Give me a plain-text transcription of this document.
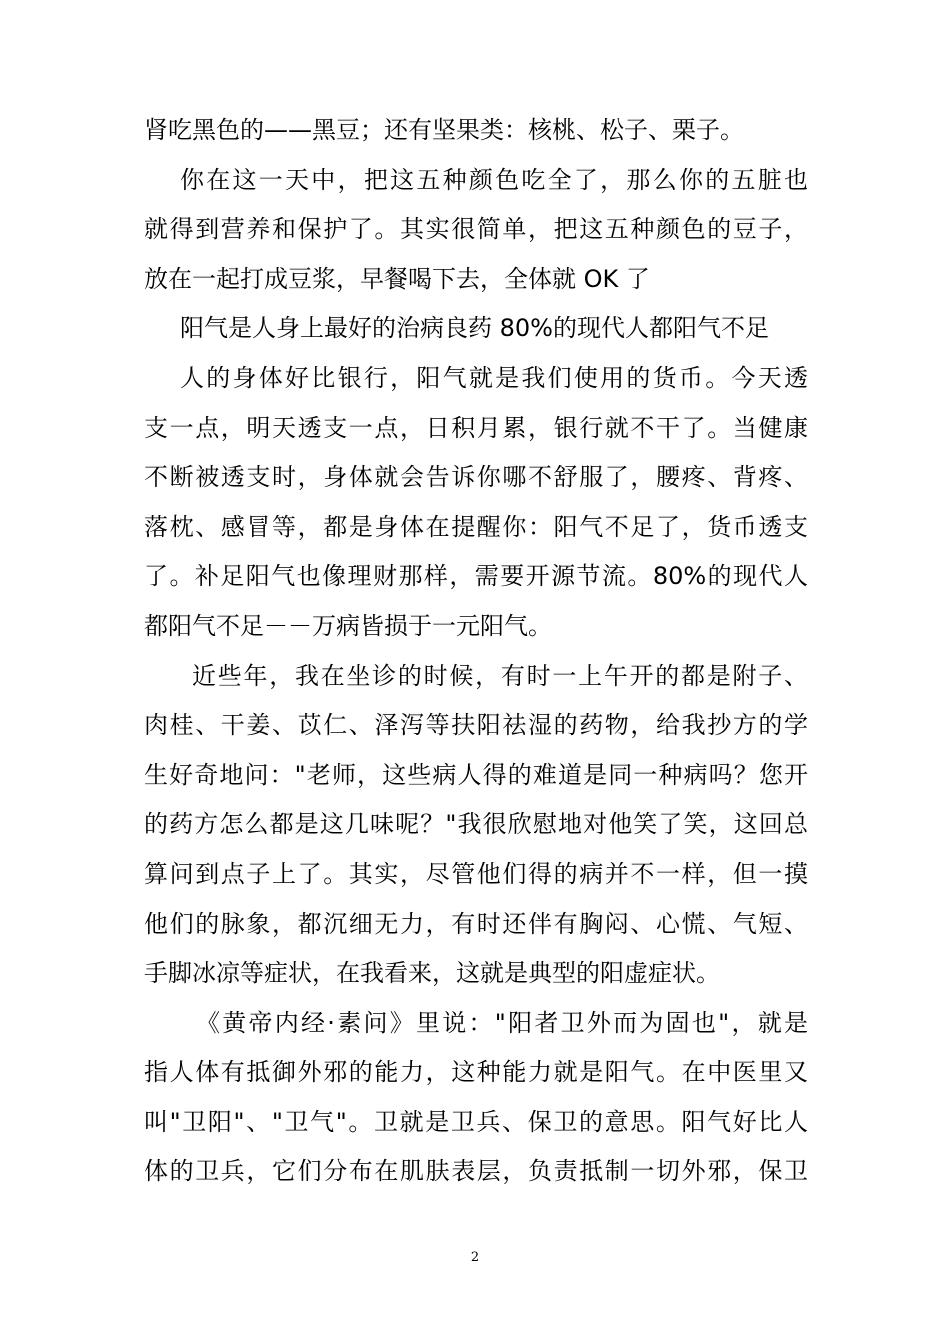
肾吃黑色的——黑豆；还有坚果类：核桃、松子、栗子。
你在这一天中，把这五种颜色吃全了，那么你的五脏也
就得到营养和保护了。其实很简单，把这五种颜色的豆子，
放在一起打成豆浆，早餐喝下去，全体就 OK 了
阳气是人身上最好的治病良药 80%的现代人都阳气不足
人的身体好比银行，阳气就是我们使用的货币。今天透
支一点，明天透支一点，日积月累，银行就不干了。当健康
不断被透支时，身体就会告诉你哪不舒服了，腰疼、背疼、
落枕、感冒等，都是身体在提醒你：阳气不足了，货币透支
了。补足阳气也像理财那样，需要开源节流。80%的现代人
都阳气不足－－万病皆损于一元阳气。
近些年，我在坐诊的时候，有时一上午开的都是附子、
肉桂、干姜、苡仁、泽泻等扶阳祛湿的药物，给我抄方的学
生好奇地问："老师，这些病人得的难道是同一种病吗？您开
的药方怎么都是这几味呢？"我很欣慰地对他笑了笑，这回总
算问到点子上了。其实，尽管他们得的病并不一样，但一摸
他们的脉象，都沉细无力，有时还伴有胸闷、心慌、气短、
手脚冰凉等症状，在我看来，这就是典型的阳虚症状。
《黄帝内经·素问》里说："阳者卫外而为固也"，就是
指人体有抵御外邪的能力，这种能力就是阳气。在中医里又
叫"卫阳"、"卫气"。卫就是卫兵、保卫的意思。阳气好比人
体的卫兵，它们分布在肌肤表层，负责抵制一切外邪，保卫
2
